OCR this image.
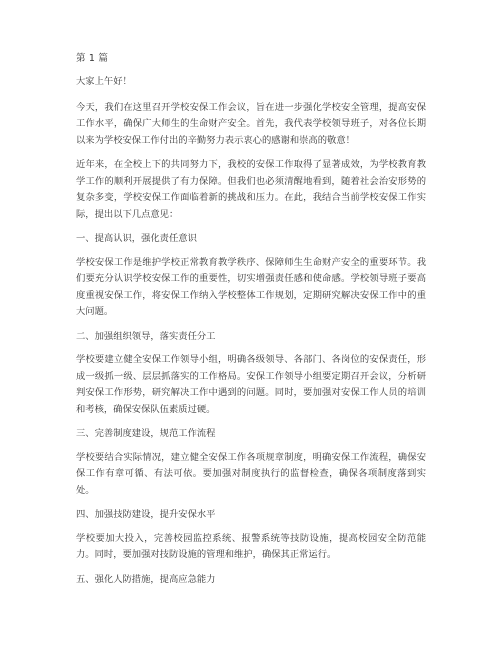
第 1 篇
大家上午好！
今天，我们在这里召开学校安保工作会议，旨在进一步强化学校安全管理，提高安保工作水平，确保广大师生的生命财产安全。首先，我代表学校领导班子，对各位长期以来为学校安保工作付出的辛勤努力表示衷心的感谢和崇高的敬意！
近年来，在全校上下的共同努力下，我校的安保工作取得了显著成效，为学校教育教学工作的顺利开展提供了有力保障。但我们也必须清醒地看到，随着社会治安形势的复杂多变，学校安保工作面临着新的挑战和压力。在此，我结合当前学校安保工作实际，提出以下几点意见：
一、提高认识，强化责任意识
学校安保工作是维护学校正常教育教学秩序、保障师生生命财产安全的重要环节。我们要充分认识学校安保工作的重要性，切实增强责任感和使命感。学校领导班子要高度重视安保工作，将安保工作纳入学校整体工作规划，定期研究解决安保工作中的重大问题。
二、加强组织领导，落实责任分工
学校要建立健全安保工作领导小组，明确各级领导、各部门、各岗位的安保责任，形成一级抓一级、层层抓落实的工作格局。安保工作领导小组要定期召开会议，分析研判安保工作形势，研究解决工作中遇到的问题。同时，要加强对安保工作人员的培训和考核，确保安保队伍素质过硬。
三、完善制度建设，规范工作流程
学校要结合实际情况，建立健全安保工作各项规章制度，明确安保工作流程，确保安保工作有章可循、有法可依。要加强对制度执行的监督检查，确保各项制度落到实处。
四、加强技防建设，提升安保水平
学校要加大投入，完善校园监控系统、报警系统等技防设施，提高校园安全防范能力。同时，要加强对技防设施的管理和维护，确保其正常运行。
五、强化人防措施，提高应急能力
